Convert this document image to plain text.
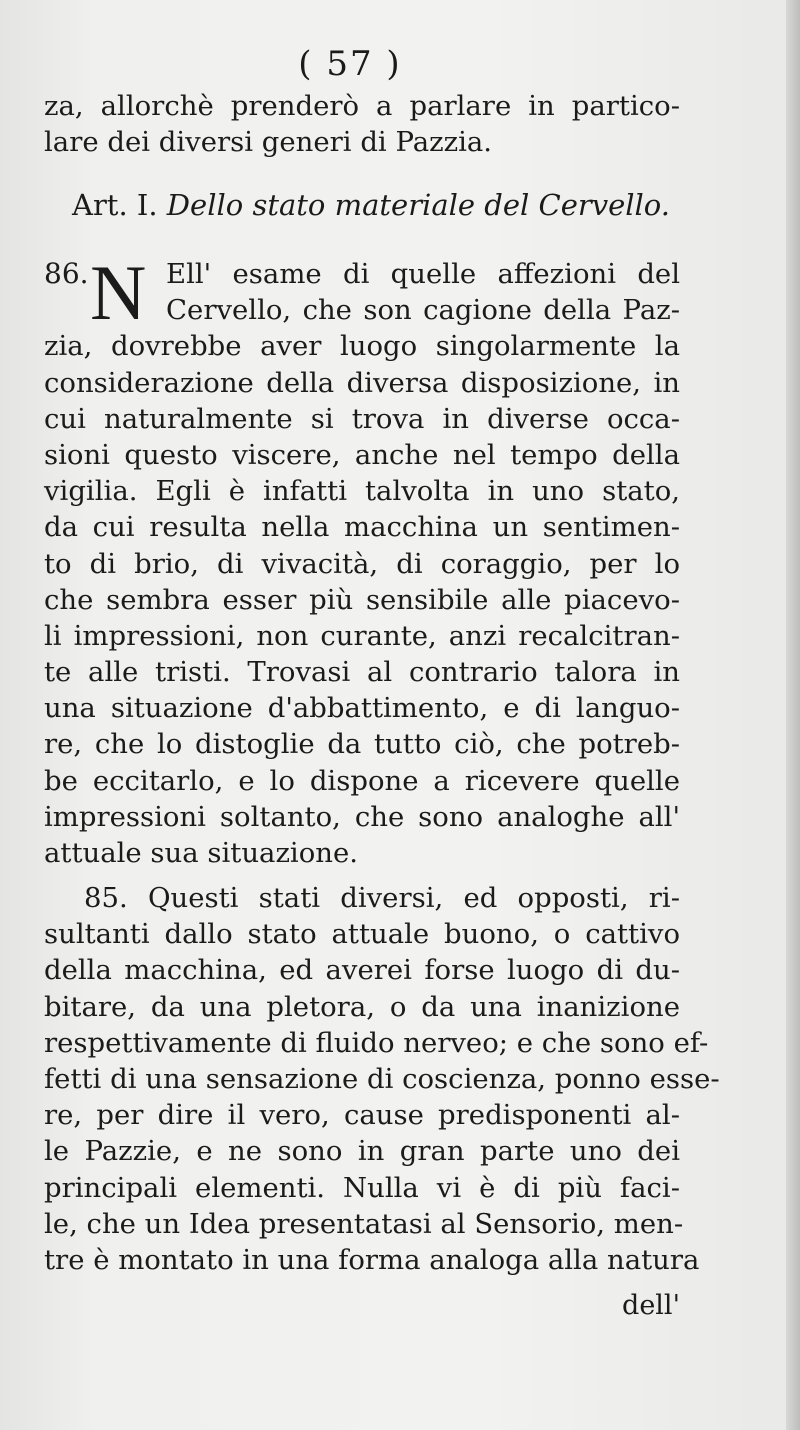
( 57 )
za, allorchè prenderò a parlare in partico-
lare dei diversi generi di Pazzia.
Art. I. Dello stato materiale del Cervello.
86. N Ell' esame di quelle affezioni del
Cervello, che son cagione della Paz-
zia, dovrebbe aver luogo singolarmente la
considerazione della diversa disposizione, in
cui naturalmente si trova in diverse occa-
sioni questo viscere, anche nel tempo della
vigilia. Egli è infatti talvolta in uno stato,
da cui resulta nella macchina un sentimen-
to di brio, di vivacità, di coraggio, per lo
che sembra esser più sensibile alle piacevo-
li impressioni, non curante, anzi recalcitran-
te alle tristi. Trovasi al contrario talora in
una situazione d'abbattimento, e di languo-
re, che lo distoglie da tutto ciò, che potreb-
be eccitarlo, e lo dispone a ricevere quelle
impressioni soltanto, che sono analoghe all'
attuale sua situazione.
85. Questi stati diversi, ed opposti, ri-
sultanti dallo stato attuale buono, o cattivo
della macchina, ed averei forse luogo di du-
bitare, da una pletora, o da una inanizione
respettivamente di fluido nerveo; e che sono ef-
fetti di una sensazione di coscienza, ponno esse-
re, per dire il vero, cause predisponenti al-
le Pazzie, e ne sono in gran parte uno dei
principali elementi. Nulla vi è di più faci-
le, che un Idea presentatasi al Sensorio, men-
tre è montato in una forma analoga alla natura
dell'
